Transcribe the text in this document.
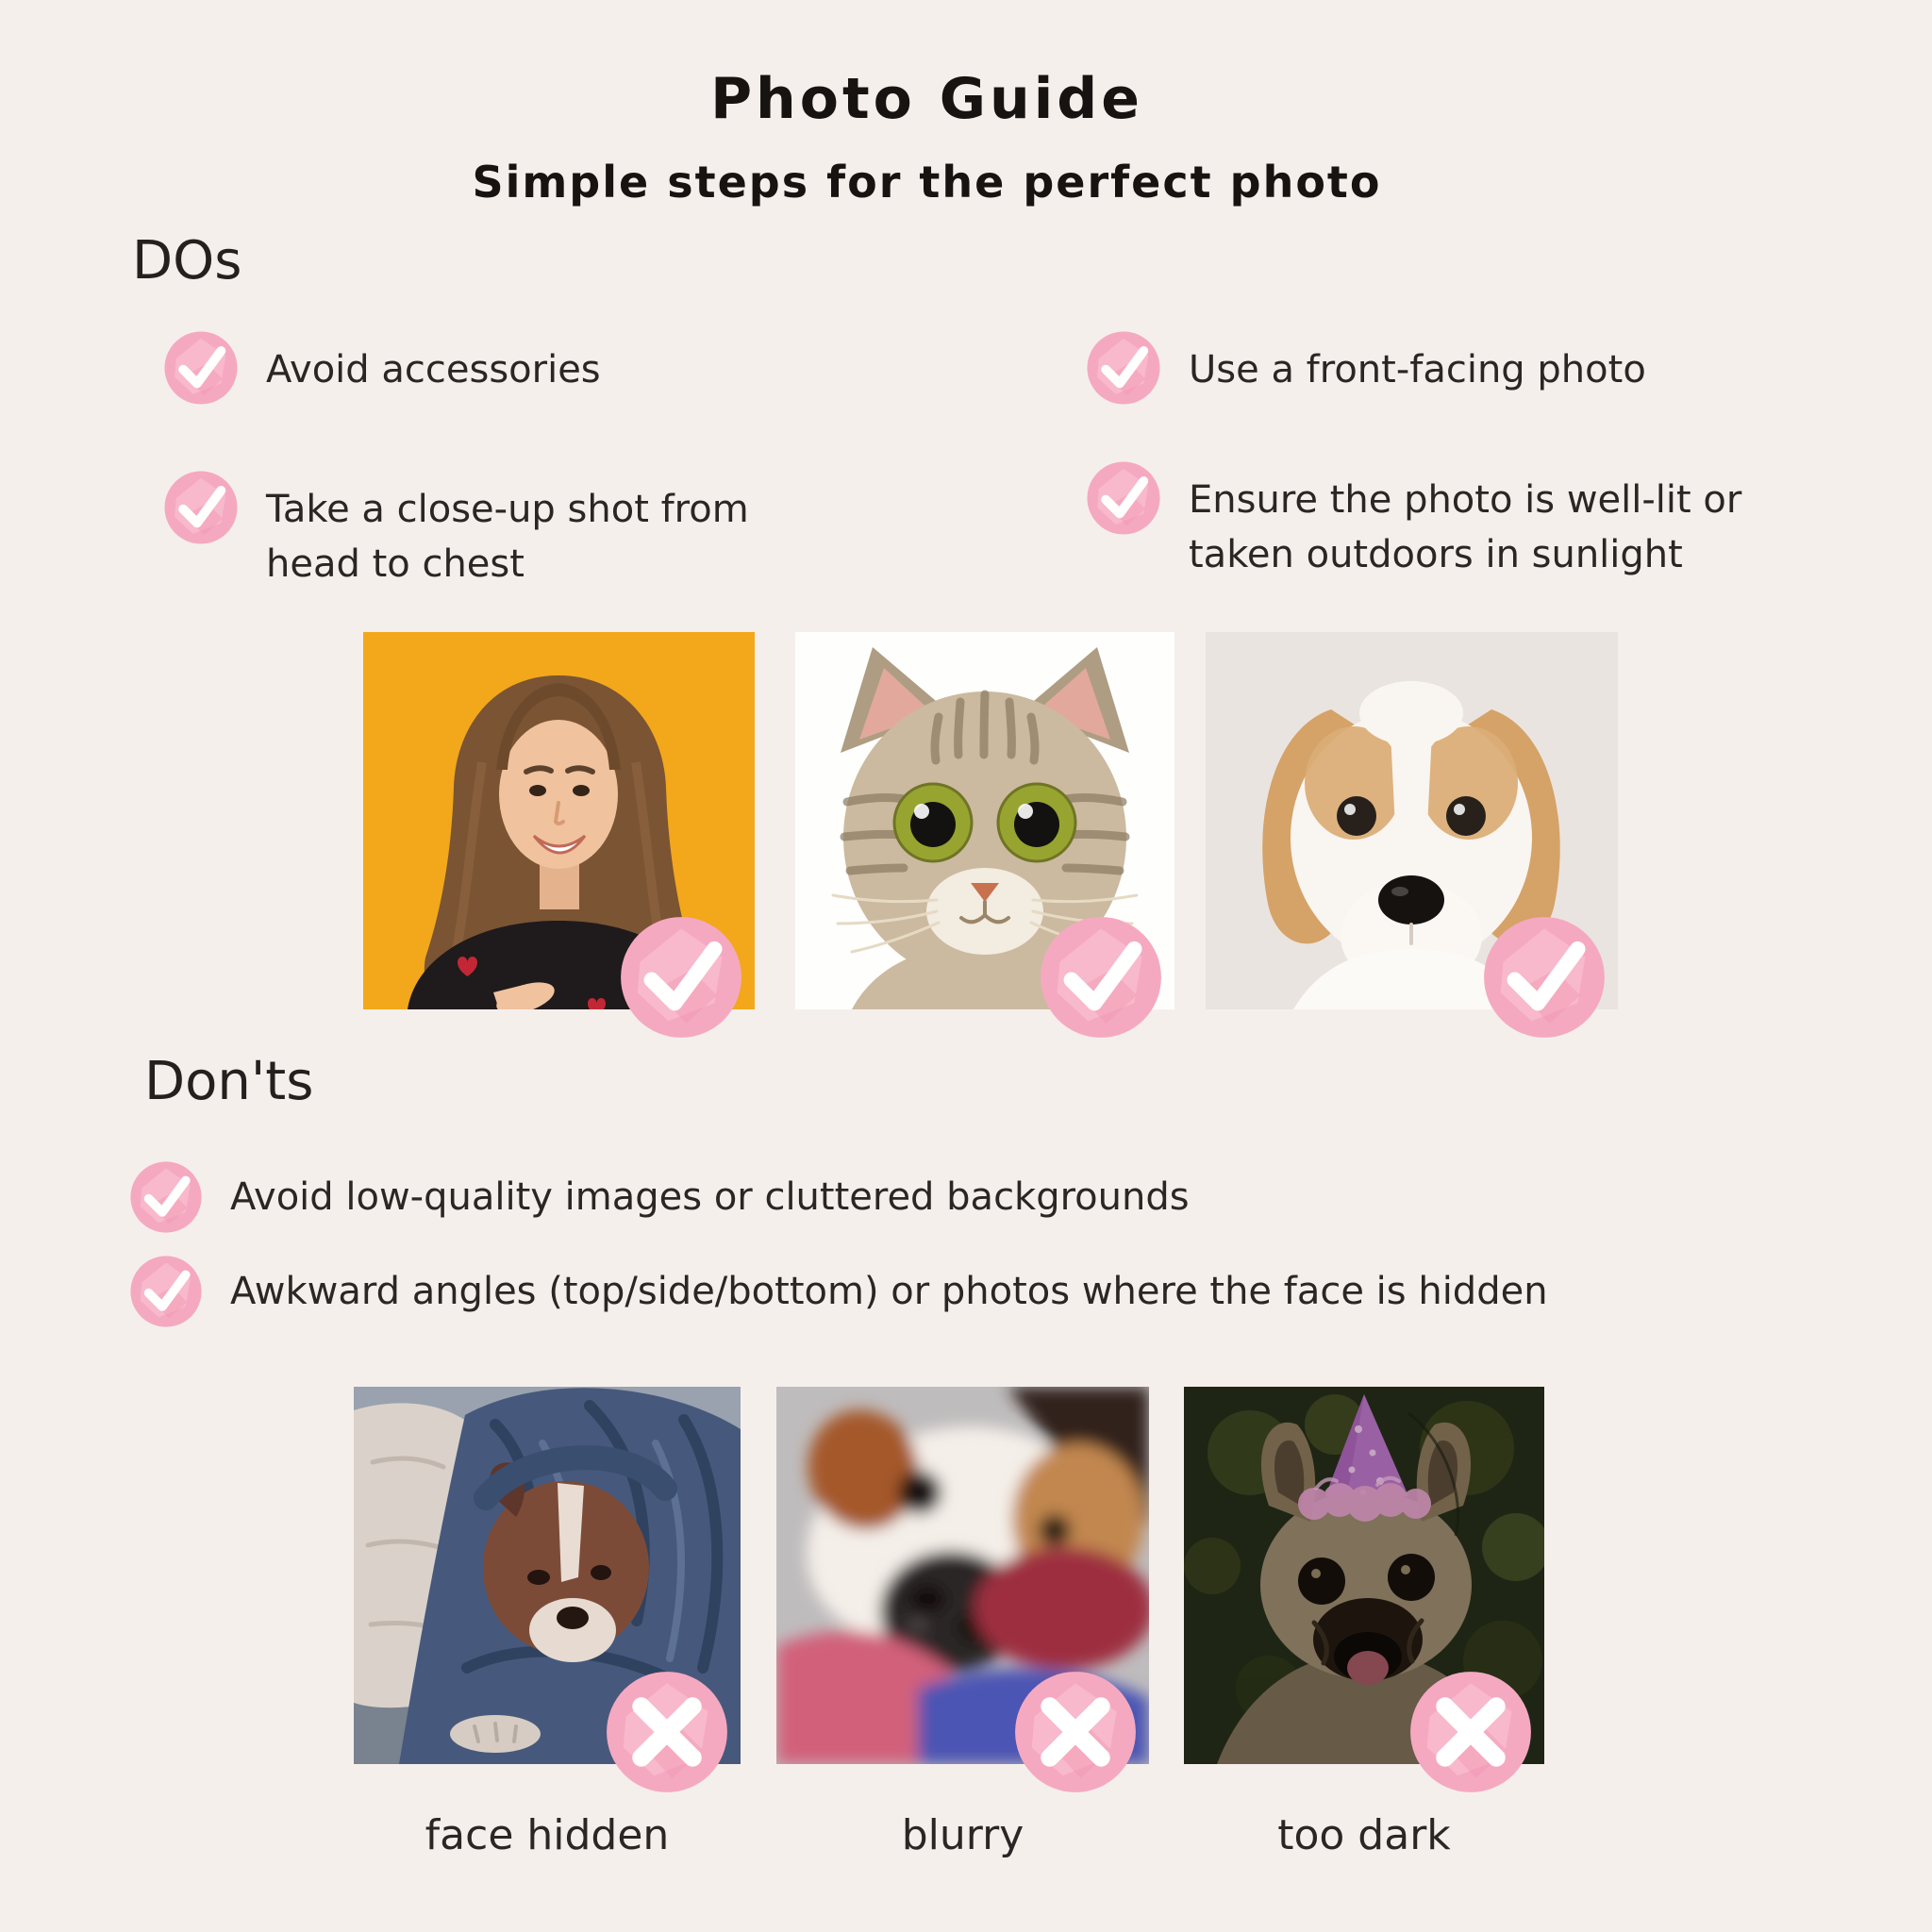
Photo Guide
Simple steps for the perfect photo
DOs

Avoid accessories

Take a close-up shot from head to chest

Use a front-facing photo

Ensure the photo is well-lit or taken outdoors in sunlight

Don'ts

Avoid low-quality images or cluttered backgrounds

Awkward angles (top/side/bottom) or photos where the face is hidden

face hidden	blurry	too dark
